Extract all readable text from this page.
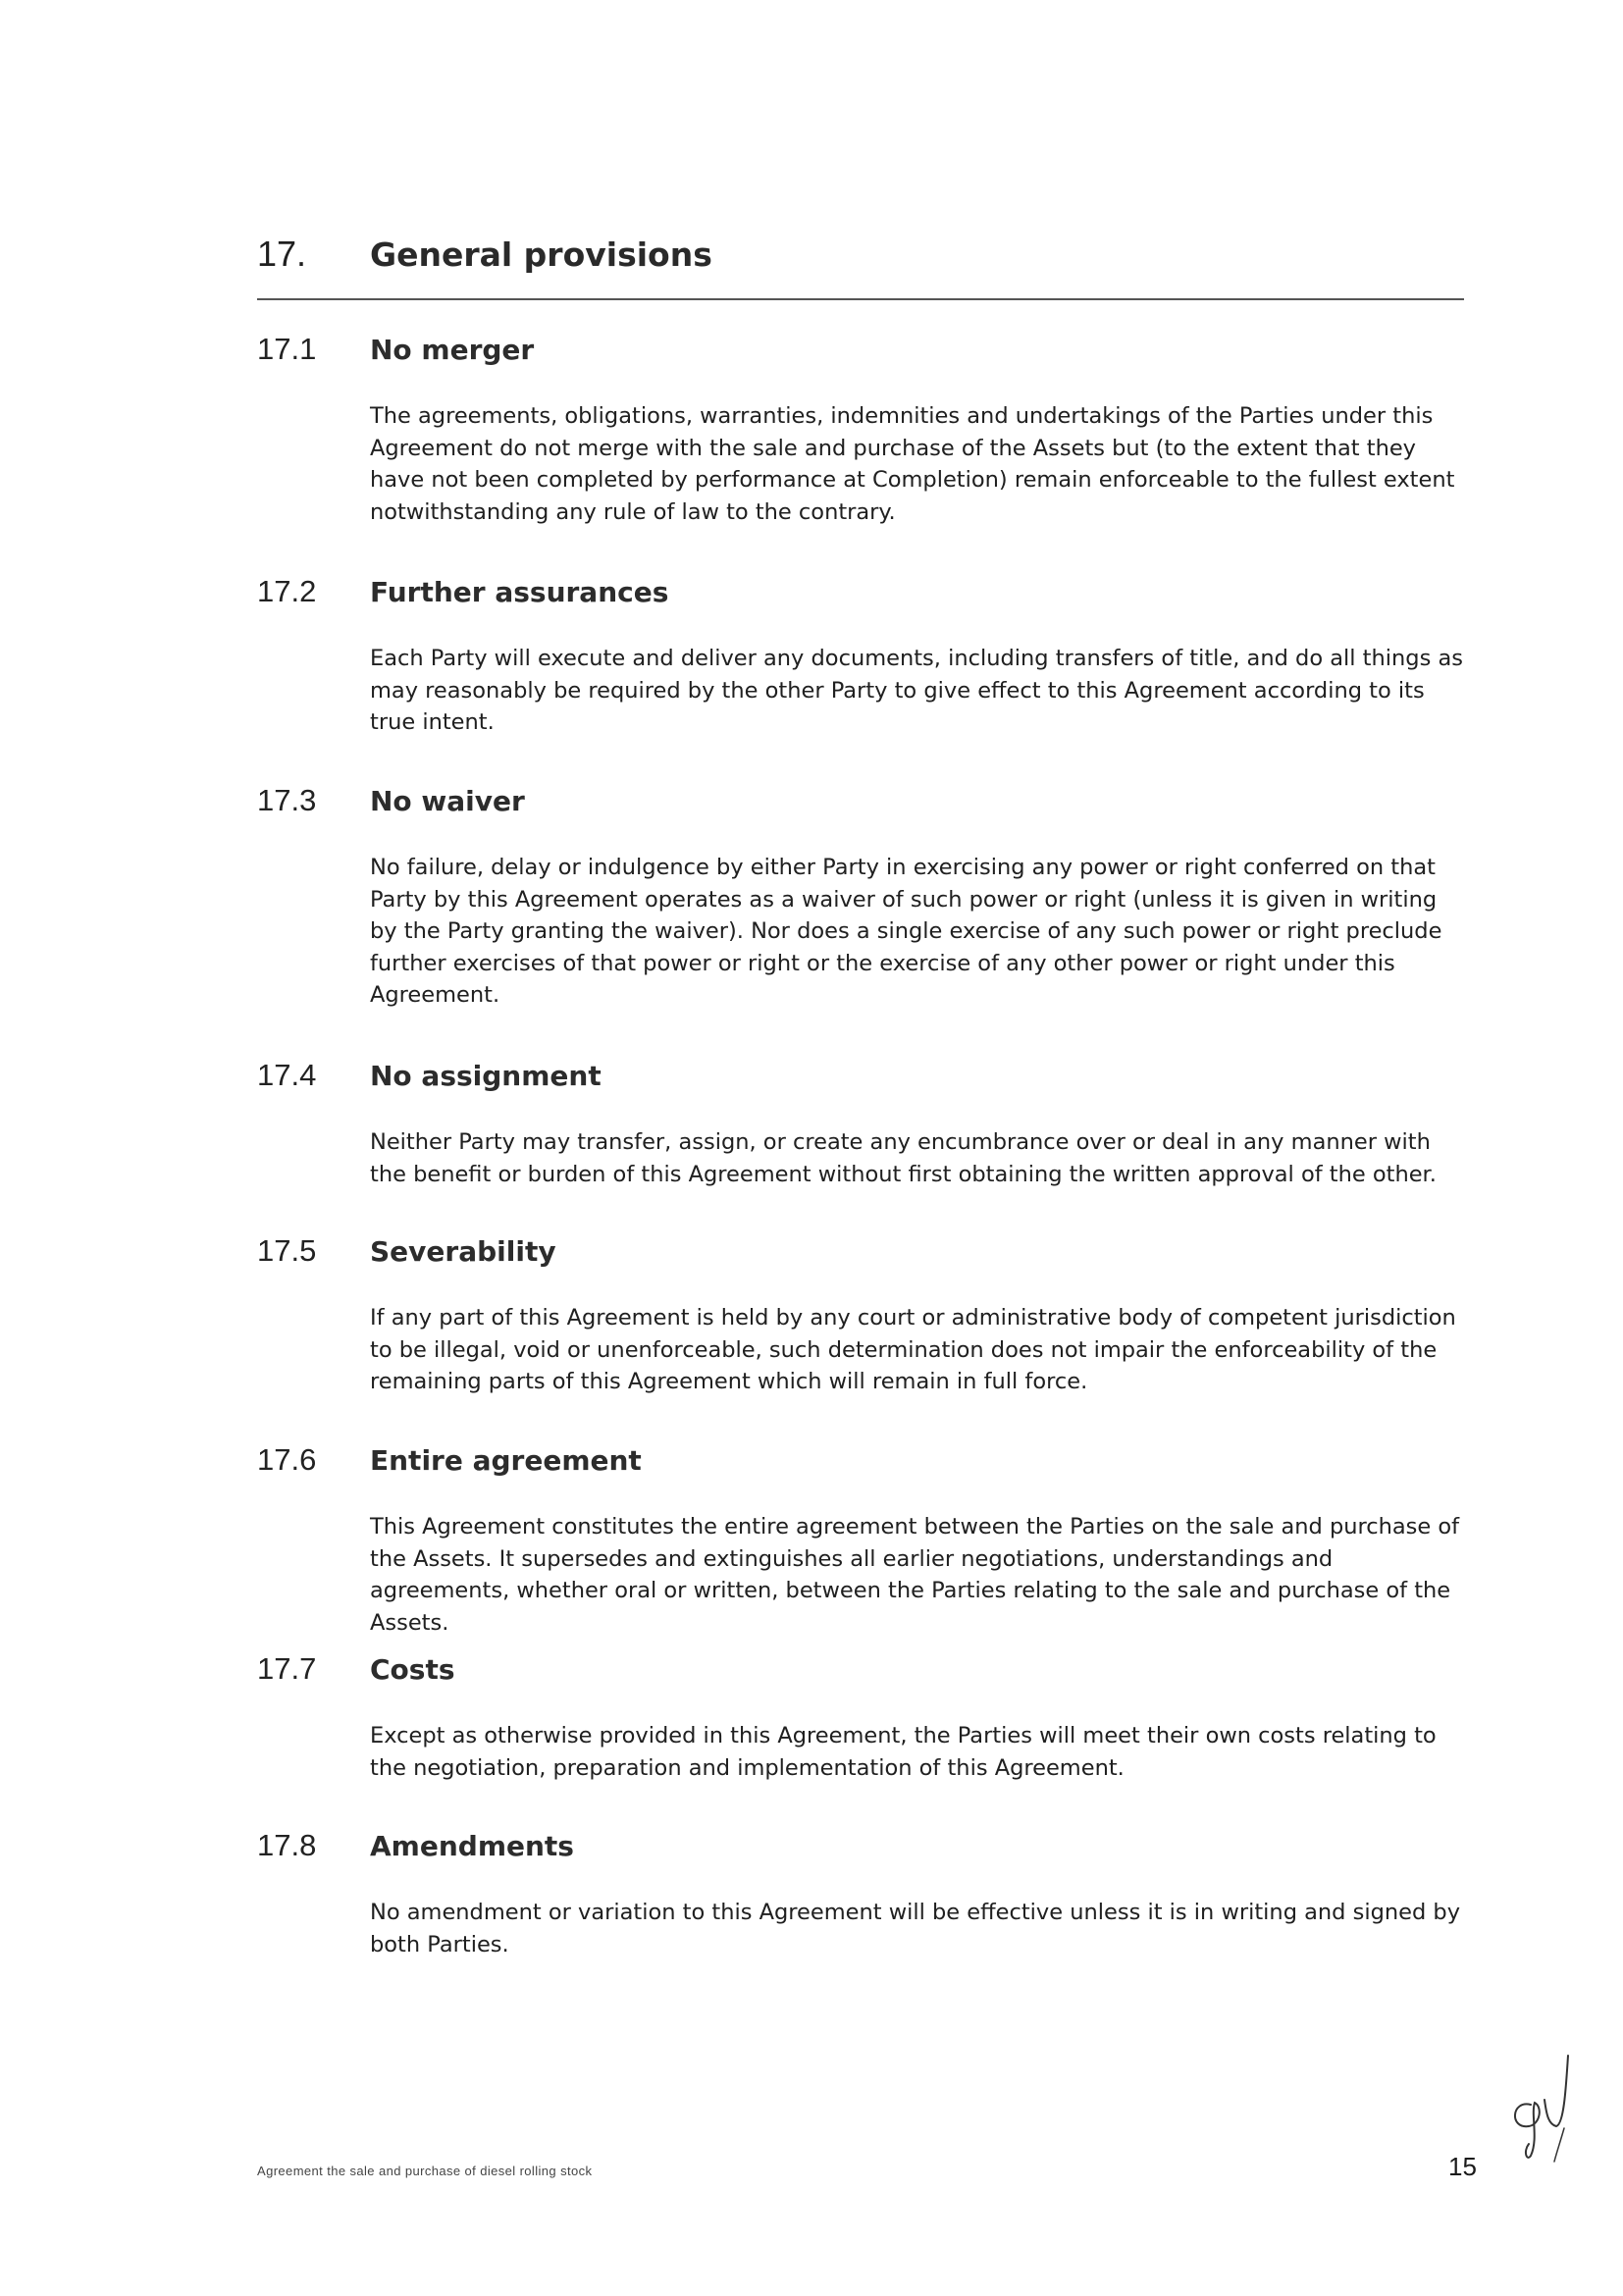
17. General provisions
17.1 No merger
The agreements, obligations, warranties, indemnities and undertakings of the Parties under this Agreement do not merge with the sale and purchase of the Assets but (to the extent that they have not been completed by performance at Completion) remain enforceable to the fullest extent notwithstanding any rule of law to the contrary.
17.2 Further assurances
Each Party will execute and deliver any documents, including transfers of title, and do all things as may reasonably be required by the other Party to give effect to this Agreement according to its true intent.
17.3 No waiver
No failure, delay or indulgence by either Party in exercising any power or right conferred on that Party by this Agreement operates as a waiver of such power or right (unless it is given in writing by the Party granting the waiver). Nor does a single exercise of any such power or right preclude further exercises of that power or right or the exercise of any other power or right under this Agreement.
17.4 No assignment
Neither Party may transfer, assign, or create any encumbrance over or deal in any manner with the benefit or burden of this Agreement without first obtaining the written approval of the other.
17.5 Severability
If any part of this Agreement is held by any court or administrative body of competent jurisdiction to be illegal, void or unenforceable, such determination does not impair the enforceability of the remaining parts of this Agreement which will remain in full force.
17.6 Entire agreement
This Agreement constitutes the entire agreement between the Parties on the sale and purchase of the Assets. It supersedes and extinguishes all earlier negotiations, understandings and agreements, whether oral or written, between the Parties relating to the sale and purchase of the Assets.
17.7 Costs
Except as otherwise provided in this Agreement, the Parties will meet their own costs relating to the negotiation, preparation and implementation of this Agreement.
17.8 Amendments
No amendment or variation to this Agreement will be effective unless it is in writing and signed by both Parties.
Agreement the sale and purchase of diesel rolling stock	15
